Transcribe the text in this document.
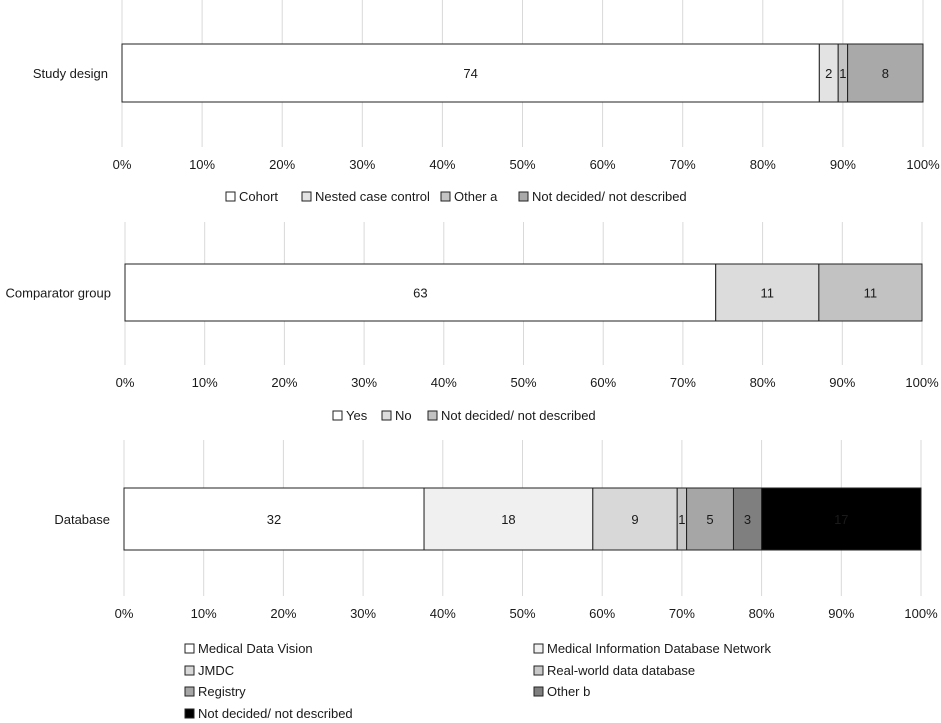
0%	10%	20%	30%	40%	50%	60%	70%	80%	90%	100%
Study design	74	2 1	8
Cohort	Nested case control Other a	Not decided/ not described
0%	10%	20%	30%	40%	50%	60%	70%	80%	90%	100%
Comparator group	63	11	11
Yes No Not decided/ not described
0%	10%	20%	30%	40%	50%	60%	70%	80%	90%	100%
Database	32	18	9	1 5 3	17
Medical Data Vision	Medical Information Database Network
JMDC	Real-world data database
Registry	Other b
Not decided/ not described
